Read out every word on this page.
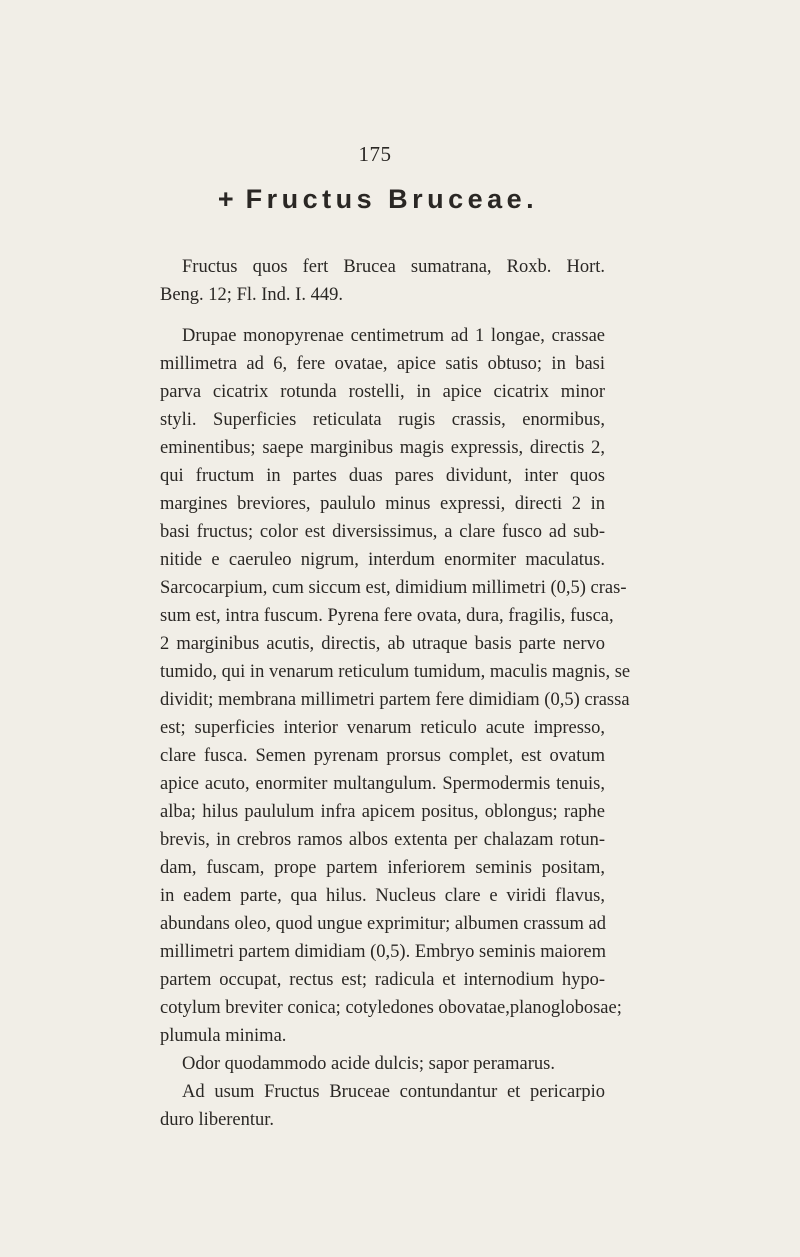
175
+ Fructus Bruceae.

Fructus quos fert Brucea sumatrana, Roxb. Hort.
Beng. 12; Fl. Ind. I. 449.

Drupae monopyrenae centimetrum ad 1 longae, crassae
millimetra ad 6, fere ovatae, apice satis obtuso; in basi
parva cicatrix rotunda rostelli, in apice cicatrix minor
styli. Superficies reticulata rugis crassis, enormibus,
eminentibus; saepe marginibus magis expressis, directis 2,
qui fructum in partes duas pares dividunt, inter quos
margines breviores, paululo minus expressi, directi 2 in
basi fructus; color est diversissimus, a clare fusco ad sub-
nitide e caeruleo nigrum, interdum enormiter maculatus.
Sarcocarpium, cum siccum est, dimidium millimetri (0,5) cras-
sum est, intra fuscum. Pyrena fere ovata, dura, fragilis, fusca,
2 marginibus acutis, directis, ab utraque basis parte nervo
tumido, qui in venarum reticulum tumidum, maculis magnis, se
dividit; membrana millimetri partem fere dimidiam (0,5) crassa
est; superficies interior venarum reticulo acute impresso,
clare fusca. Semen pyrenam prorsus complet, est ovatum
apice acuto, enormiter multangulum. Spermodermis tenuis,
alba; hilus paululum infra apicem positus, oblongus; raphe
brevis, in crebros ramos albos extenta per chalazam rotun-
dam, fuscam, prope partem inferiorem seminis positam,
in eadem parte, qua hilus. Nucleus clare e viridi flavus,
abundans oleo, quod ungue exprimitur; albumen crassum ad
millimetri partem dimidiam (0,5). Embryo seminis maiorem
partem occupat, rectus est; radicula et internodium hypo-
cotylum breviter conica; cotyledones obovatae,planoglobosae;
plumula minima.

Odor quodammodo acide dulcis; sapor peramarus.

Ad usum Fructus Bruceae contundantur et pericarpio
duro liberentur.
